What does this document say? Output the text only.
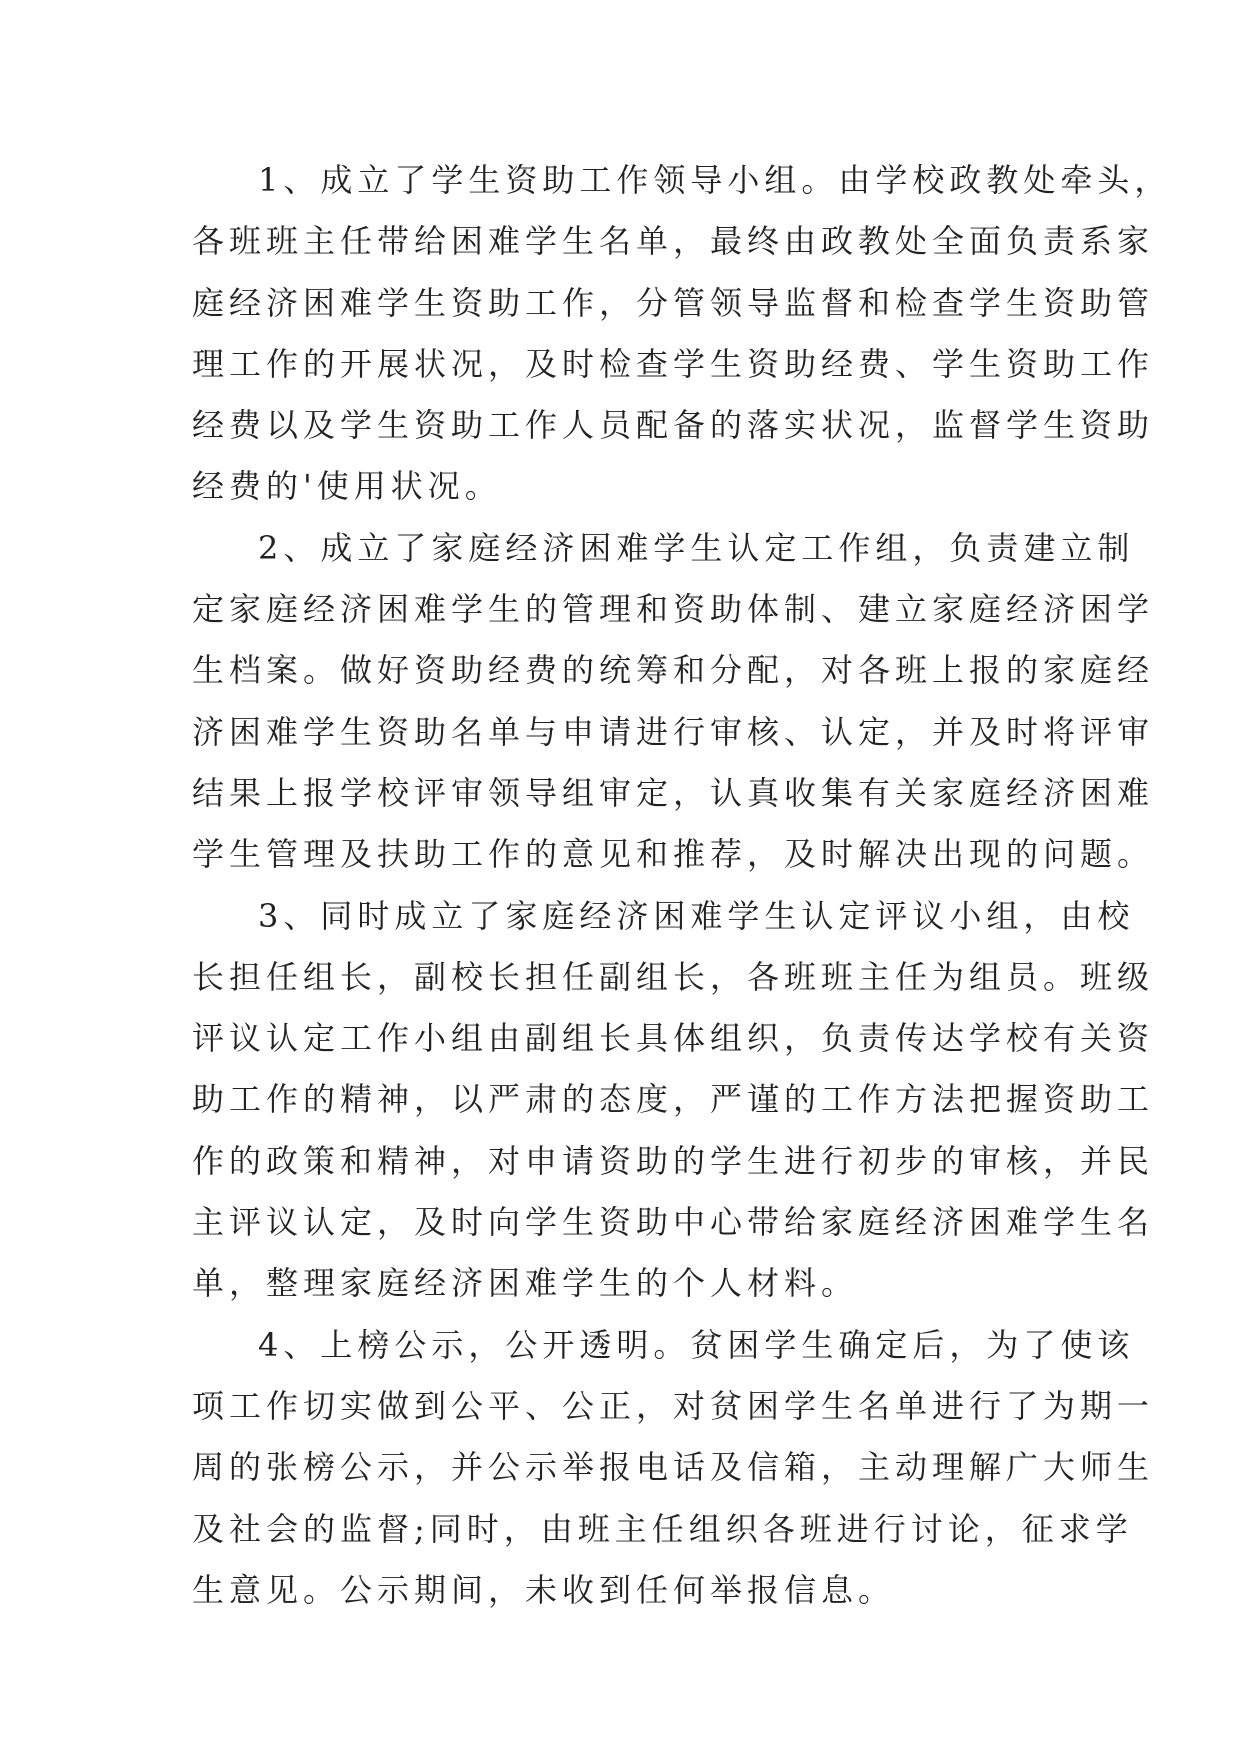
1、成立了学生资助工作领导小组。由学校政教处牵头，
各班班主任带给困难学生名单，最终由政教处全面负责系家
庭经济困难学生资助工作，分管领导监督和检查学生资助管
理工作的开展状况，及时检查学生资助经费、学生资助工作
经费以及学生资助工作人员配备的落实状况，监督学生资助
经费的'使用状况。
2、成立了家庭经济困难学生认定工作组，负责建立制
定家庭经济困难学生的管理和资助体制、建立家庭经济困学
生档案。做好资助经费的统筹和分配，对各班上报的家庭经
济困难学生资助名单与申请进行审核、认定，并及时将评审
结果上报学校评审领导组审定，认真收集有关家庭经济困难
学生管理及扶助工作的意见和推荐，及时解决出现的问题。
3、同时成立了家庭经济困难学生认定评议小组，由校
长担任组长，副校长担任副组长，各班班主任为组员。班级
评议认定工作小组由副组长具体组织，负责传达学校有关资
助工作的精神，以严肃的态度，严谨的工作方法把握资助工
作的政策和精神，对申请资助的学生进行初步的审核，并民
主评议认定，及时向学生资助中心带给家庭经济困难学生名
单，整理家庭经济困难学生的个人材料。
4、上榜公示，公开透明。贫困学生确定后，为了使该
项工作切实做到公平、公正，对贫困学生名单进行了为期一
周的张榜公示，并公示举报电话及信箱，主动理解广大师生
及社会的监督;同时，由班主任组织各班进行讨论，征求学
生意见。公示期间，未收到任何举报信息。
